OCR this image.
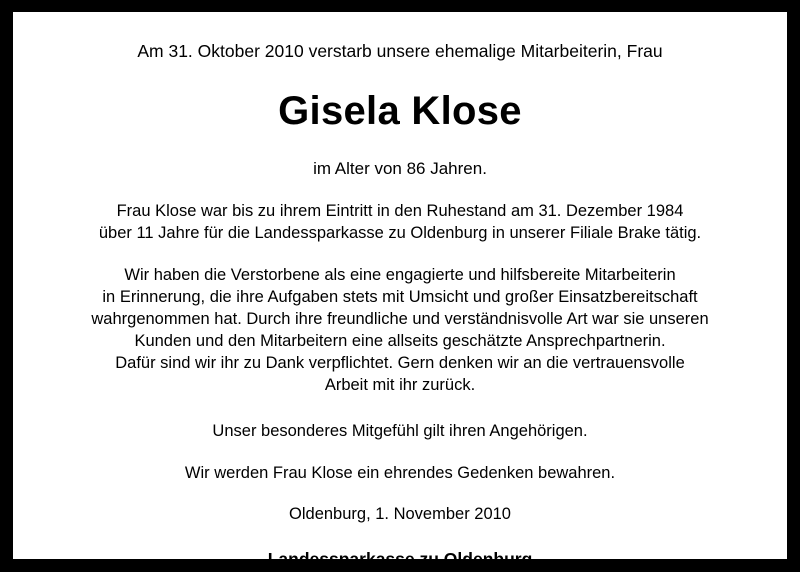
Am 31. Oktober 2010 verstarb unsere ehemalige Mitarbeiterin, Frau
Gisela Klose
im Alter von 86 Jahren.
Frau Klose war bis zu ihrem Eintritt in den Ruhestand am 31. Dezember 1984
über 11 Jahre für die Landessparkasse zu Oldenburg in unserer Filiale Brake tätig.
Wir haben die Verstorbene als eine engagierte und hilfsbereite Mitarbeiterin
in Erinnerung, die ihre Aufgaben stets mit Umsicht und großer Einsatzbereitschaft
wahrgenommen hat. Durch ihre freundliche und verständnisvolle Art war sie unseren
Kunden und den Mitarbeitern eine allseits geschätzte Ansprechpartnerin.
Dafür sind wir ihr zu Dank verpflichtet. Gern denken wir an die vertrauensvolle
Arbeit mit ihr zurück.
Unser besonderes Mitgefühl gilt ihren Angehörigen.
Wir werden Frau Klose ein ehrendes Gedenken bewahren.
Oldenburg, 1. November 2010
Landessparkasse zu Oldenburg
